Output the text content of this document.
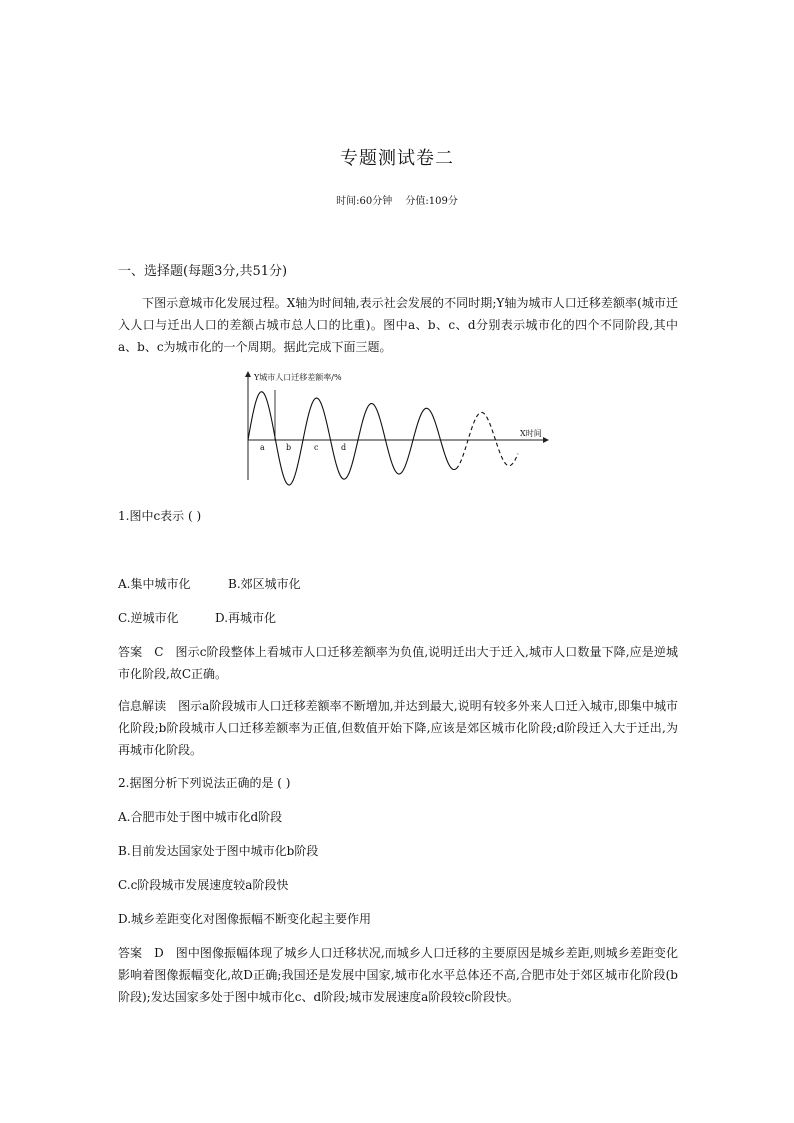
专题测试卷二
时间:60分钟 分值:109分
一、选择题(每题3分,共51分)
下图示意城市化发展过程。X轴为时间轴,表示社会发展的不同时期;Y轴为城市人口迁移差额率(城市迁入人口与迁出人口的差额占城市总人口的比重)。图中a、b、c、d分别表示城市化的四个不同阶段,其中a、b、c为城市化的一个周期。据此完成下面三题。
Y城市人口迁移差额率/%
X时间
a	b	c	d
1.图中c表示 ( )
A.集中城市化	B.郊区城市化
C.逆城市化	D.再城市化
答案 C 图示c阶段整体上看城市人口迁移差额率为负值,说明迁出大于迁入,城市人口数量下降,应是逆城市化阶段,故C正确。
信息解读 图示a阶段城市人口迁移差额率不断增加,并达到最大,说明有较多外来人口迁入城市,即集中城市化阶段;b阶段城市人口迁移差额率为正值,但数值开始下降,应该是郊区城市化阶段;d阶段迁入大于迁出,为再城市化阶段。
2.据图分析下列说法正确的是 ( )
A.合肥市处于图中城市化d阶段
B.目前发达国家处于图中城市化b阶段
C.c阶段城市发展速度较a阶段快
D.城乡差距变化对图像振幅不断变化起主要作用
答案 D 图中图像振幅体现了城乡人口迁移状况,而城乡人口迁移的主要原因是城乡差距,则城乡差距变化影响着图像振幅变化,故D正确;我国还是发展中国家,城市化水平总体还不高,合肥市处于郊区城市化阶段(b阶段);发达国家多处于图中城市化c、d阶段;城市发展速度a阶段较c阶段快。
